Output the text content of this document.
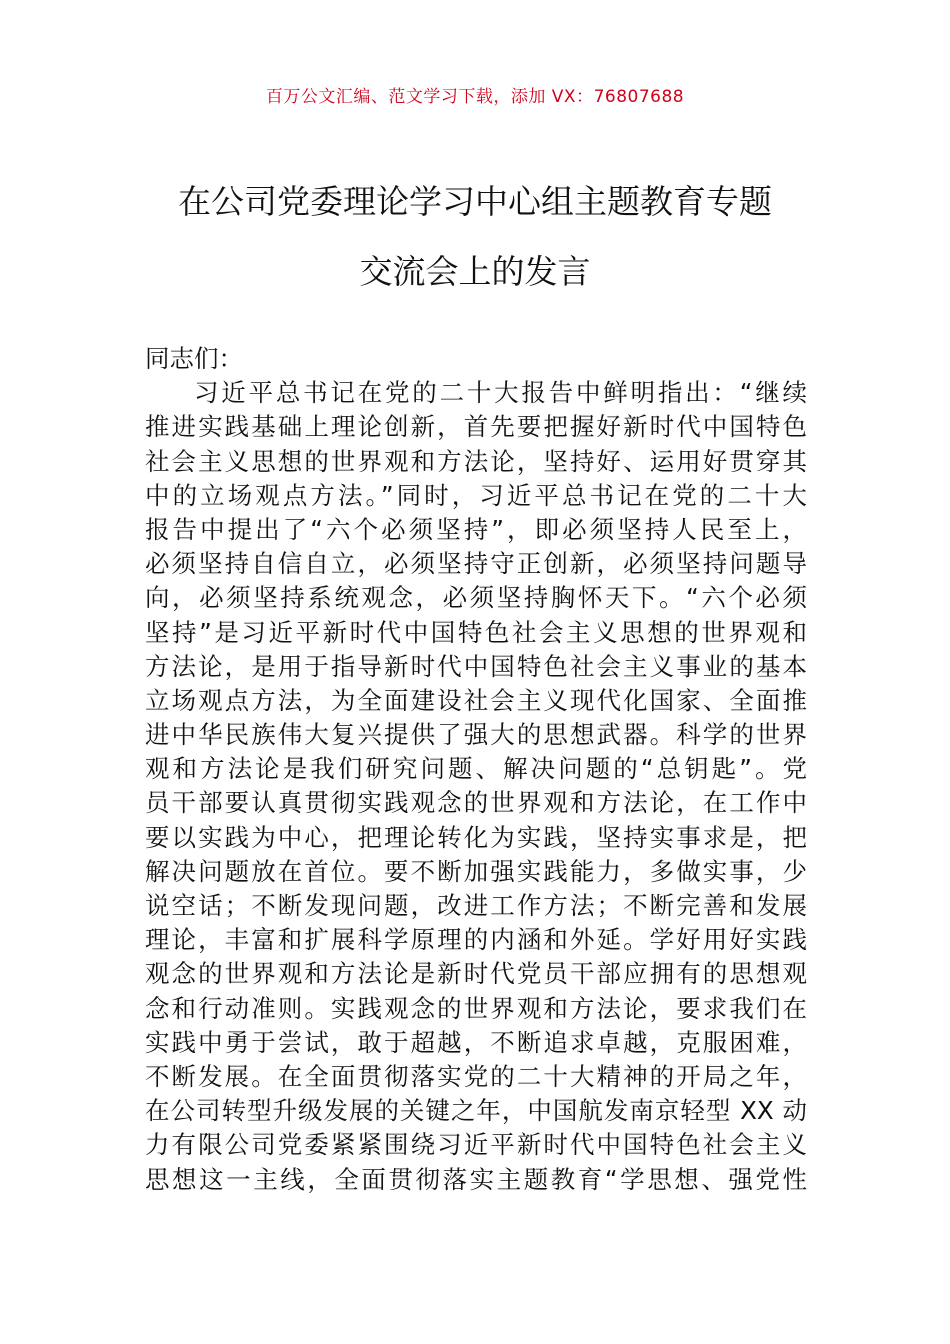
百万公文汇编、范文学习下载，添加 VX：76807688
在公司党委理论学习中心组主题教育专题
交流会上的发言
同志们：
习近平总书记在党的二十大报告中鲜明指出：“继续
推进实践基础上理论创新，首先要把握好新时代中国特色
社会主义思想的世界观和方法论，坚持好、运用好贯穿其
中的立场观点方法。”同时，习近平总书记在党的二十大
报告中提出了“六个必须坚持”，即必须坚持人民至上，
必须坚持自信自立，必须坚持守正创新，必须坚持问题导
向，必须坚持系统观念，必须坚持胸怀天下。“六个必须
坚持”是习近平新时代中国特色社会主义思想的世界观和
方法论，是用于指导新时代中国特色社会主义事业的基本
立场观点方法，为全面建设社会主义现代化国家、全面推
进中华民族伟大复兴提供了强大的思想武器。科学的世界
观和方法论是我们研究问题、解决问题的“总钥匙”。党
员干部要认真贯彻实践观念的世界观和方法论，在工作中
要以实践为中心，把理论转化为实践，坚持实事求是，把
解决问题放在首位。要不断加强实践能力，多做实事，少
说空话；不断发现问题，改进工作方法；不断完善和发展
理论，丰富和扩展科学原理的内涵和外延。学好用好实践
观念的世界观和方法论是新时代党员干部应拥有的思想观
念和行动准则。实践观念的世界观和方法论，要求我们在
实践中勇于尝试，敢于超越，不断追求卓越，克服困难，
不断发展。在全面贯彻落实党的二十大精神的开局之年，
在公司转型升级发展的关键之年，中国航发南京轻型 XX 动
力有限公司党委紧紧围绕习近平新时代中国特色社会主义
思想这一主线，全面贯彻落实主题教育“学思想、强党性
